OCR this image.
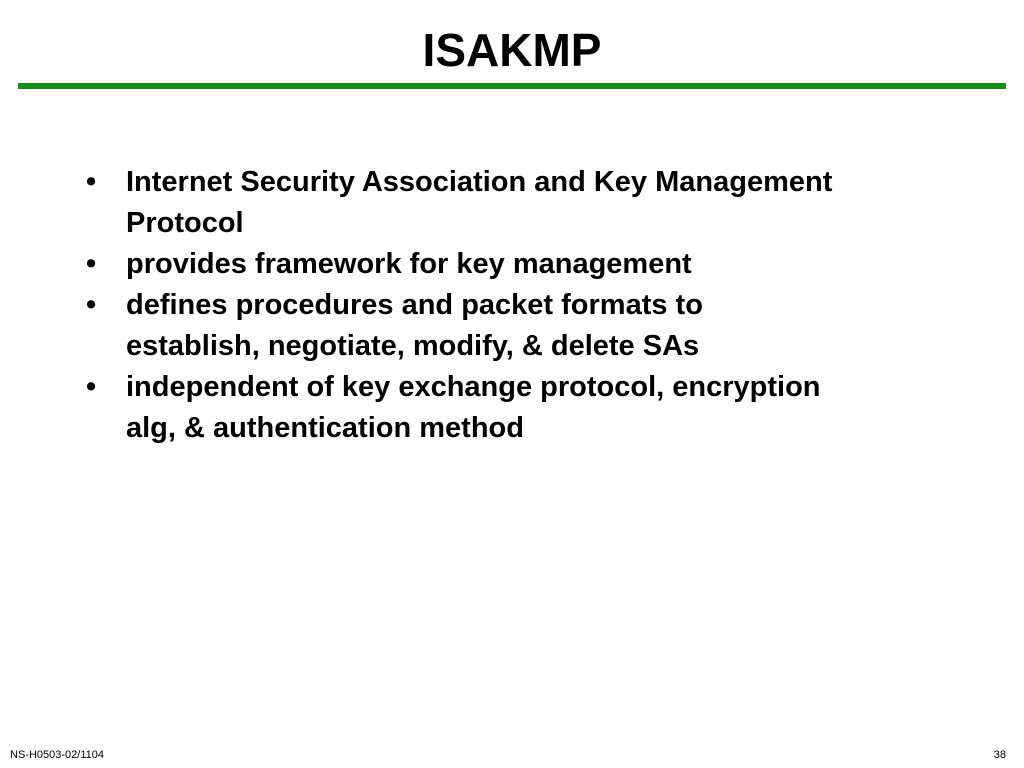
ISAKMP
•	Internet Security Association and Key Management Protocol
•	provides framework for key management
•	defines procedures and packet formats to establish, negotiate, modify, & delete SAs
•	independent of key exchange protocol, encryption alg, & authentication method
NS-H0503-02/1104	38
